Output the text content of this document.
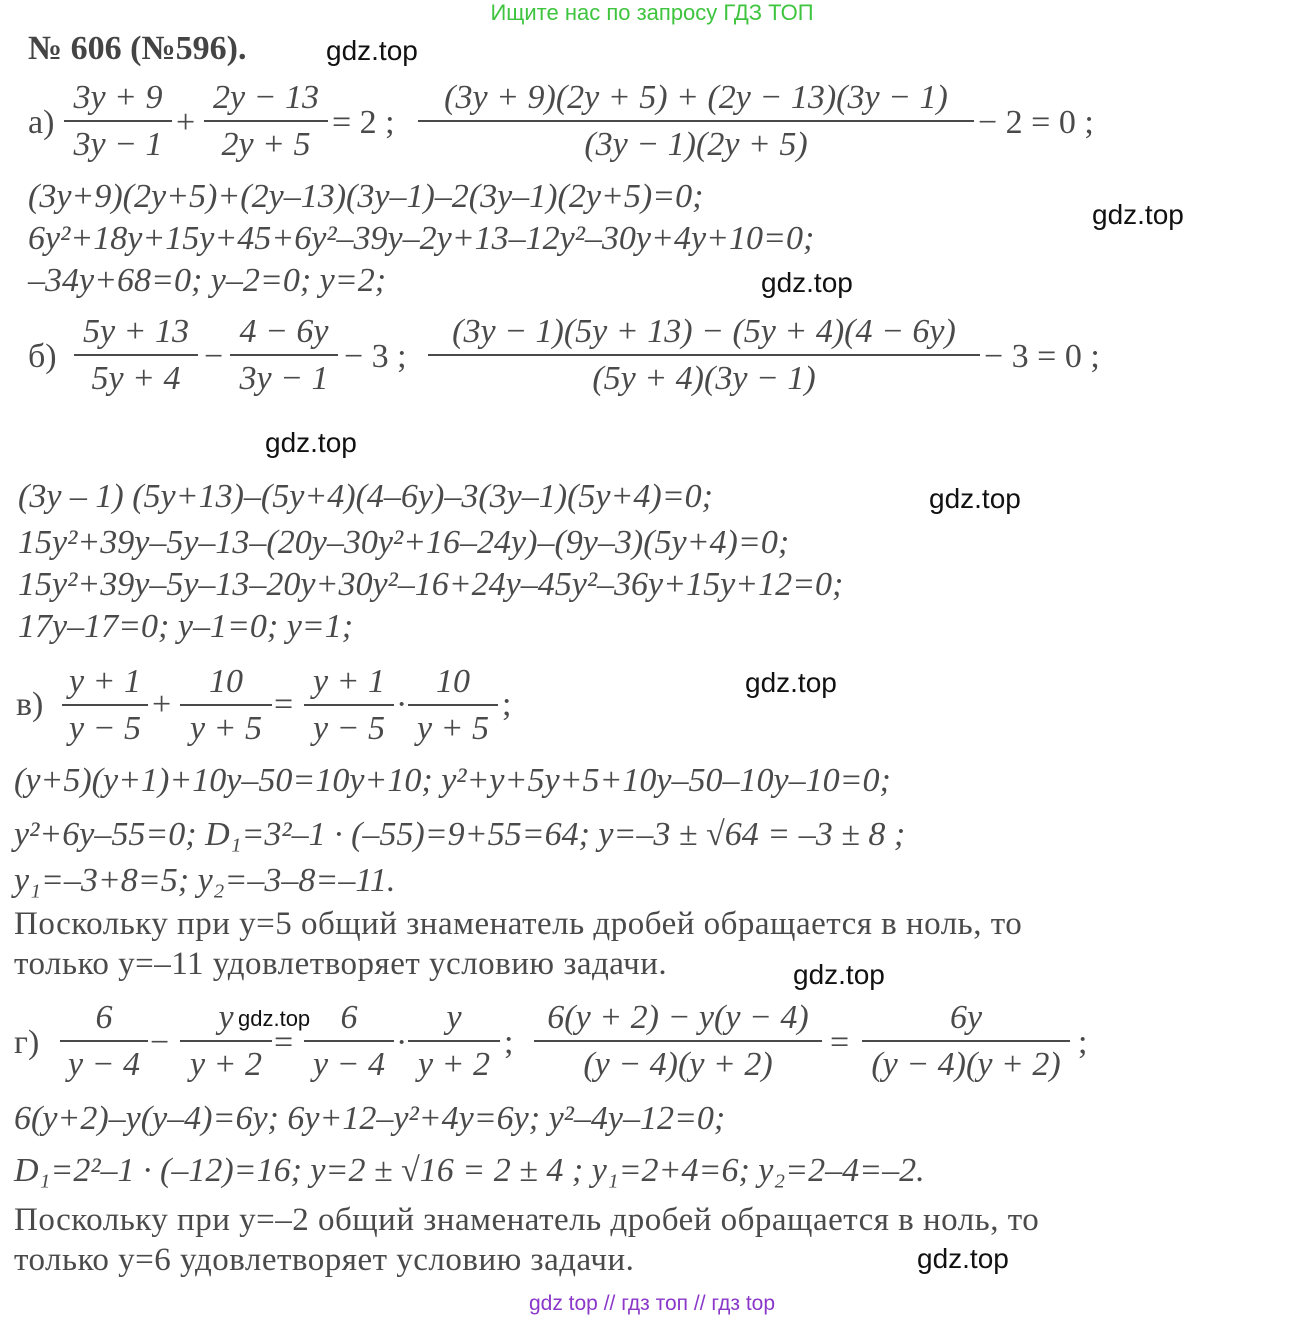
Ищите нас по запросу ГДЗ ТОП
№ 606 (№596).	gdz.top
gdz.top
gdz.top
gdz.top
gdz.top
gdz.top
gdz.top
gdz.top
gdz.top
а)
3y + 9
3y − 1
+
2y − 13
2y + 5
= 2 ;
(3y + 9)(2y + 5) + (2y − 13)(3y − 1)
(3y − 1)(2y + 5)
− 2 = 0 ;
(3y+9)(2y+5)+(2y–13)(3y–1)–2(3y–1)(2y+5)=0;
6y²+18y+15y+45+6y²–39y–2y+13–12y²–30y+4y+10=0;
–34y+68=0; y–2=0; y=2;
б)
5y + 13
5y + 4
−
4 − 6y
3y − 1
− 3 ;
(3y − 1)(5y + 13) − (5y + 4)(4 − 6y)
(5y + 4)(3y − 1)
− 3 = 0 ;
(3y – 1) (5y+13)–(5y+4)(4–6y)–3(3y–1)(5y+4)=0;
15y²+39y–5y–13–(20y–30y²+16–24y)–(9y–3)(5y+4)=0;
15y²+39y–5y–13–20y+30y²–16+24y–45y²–36y+15y+12=0;
17y–17=0; y–1=0; y=1;
в)
y + 1
y − 5
+
10
y + 5
=
y + 1
y − 5
·
10
y + 5
;
(y+5)(y+1)+10y–50=10y+10; y²+y+5y+5+10y–50–10y–10=0;
y²+6y–55=0; D₁=3²–1 · (–55)=9+55=64; y=–3 ± √64 = –3 ± 8 ;
y₁=–3+8=5; y₂=–3–8=–11.
Поскольку при y=5 общий знаменатель дробей обращается в ноль, то
только y=–11 удовлетворяет условию задачи.
г)
6
y − 4
−
y
y + 2
=
6
y − 4
·
y
y + 2
;
6(y + 2) − y(y − 4)
(y − 4)(y + 2)
=
6y
(y − 4)(y + 2)
;
6(y+2)–y(y–4)=6y; 6y+12–y²+4y=6y; y²–4y–12=0;
D₁=2²–1 · (–12)=16; y=2 ± √16 = 2 ± 4 ; y₁=2+4=6; y₂=2–4=–2.
Поскольку при y=–2 общий знаменатель дробей обращается в ноль, то
только y=6 удовлетворяет условию задачи.
gdz top // гдз топ // гдз top
